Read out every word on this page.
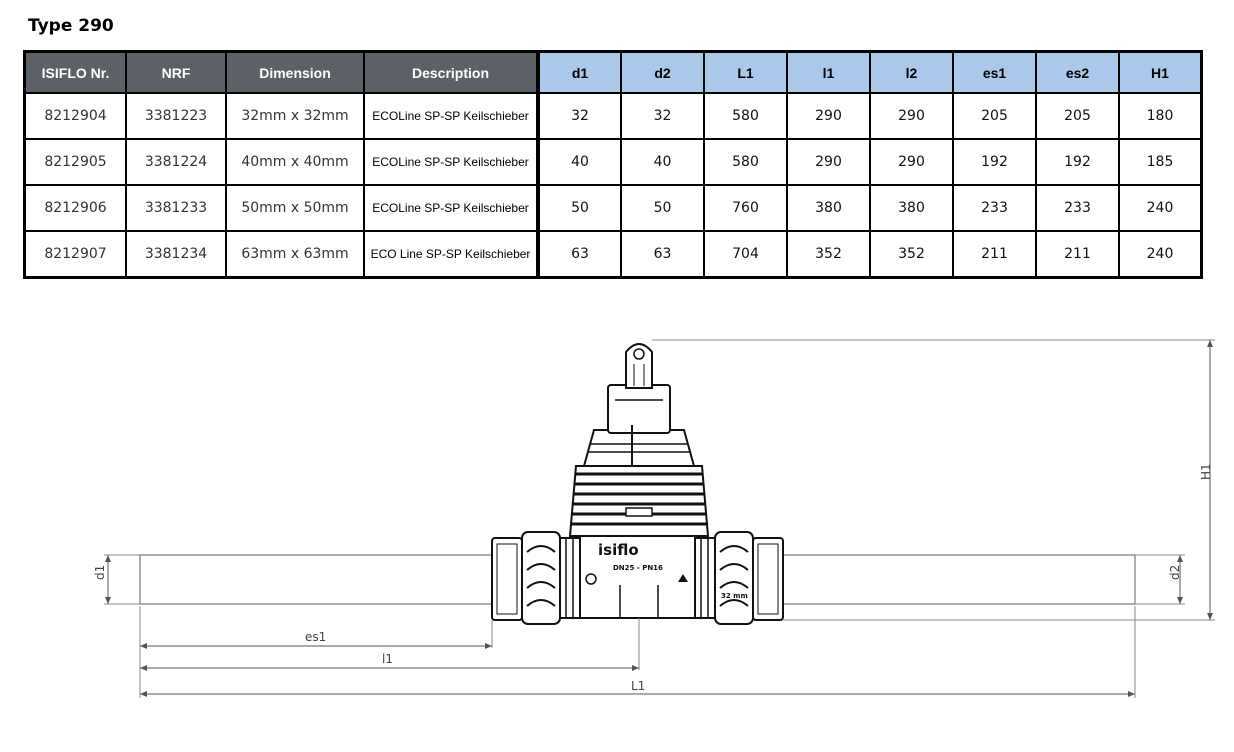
Type 290
ISIFLO Nr.	NRF	Dimension	Description	d1	d2	L1	l1	l2	es1	es2	H1
8212904	3381223	32mm x 32mm	ECOLine SP-SP Keilschieber	32	32	580	290	290	205	205	180
8212905	3381224	40mm x 40mm	ECOLine SP-SP Keilschieber	40	40	580	290	290	192	192	185
8212906	3381233	50mm x 50mm	ECOLine SP-SP Keilschieber	50	50	760	380	380	233	233	240
8212907	3381234	63mm x 63mm	ECO Line SP-SP Keilschieber	63	63	704	352	352	211	211	240
isiflo
DN25 - PN16
32 mm
es1
l1
L1
d1	d2
H1
